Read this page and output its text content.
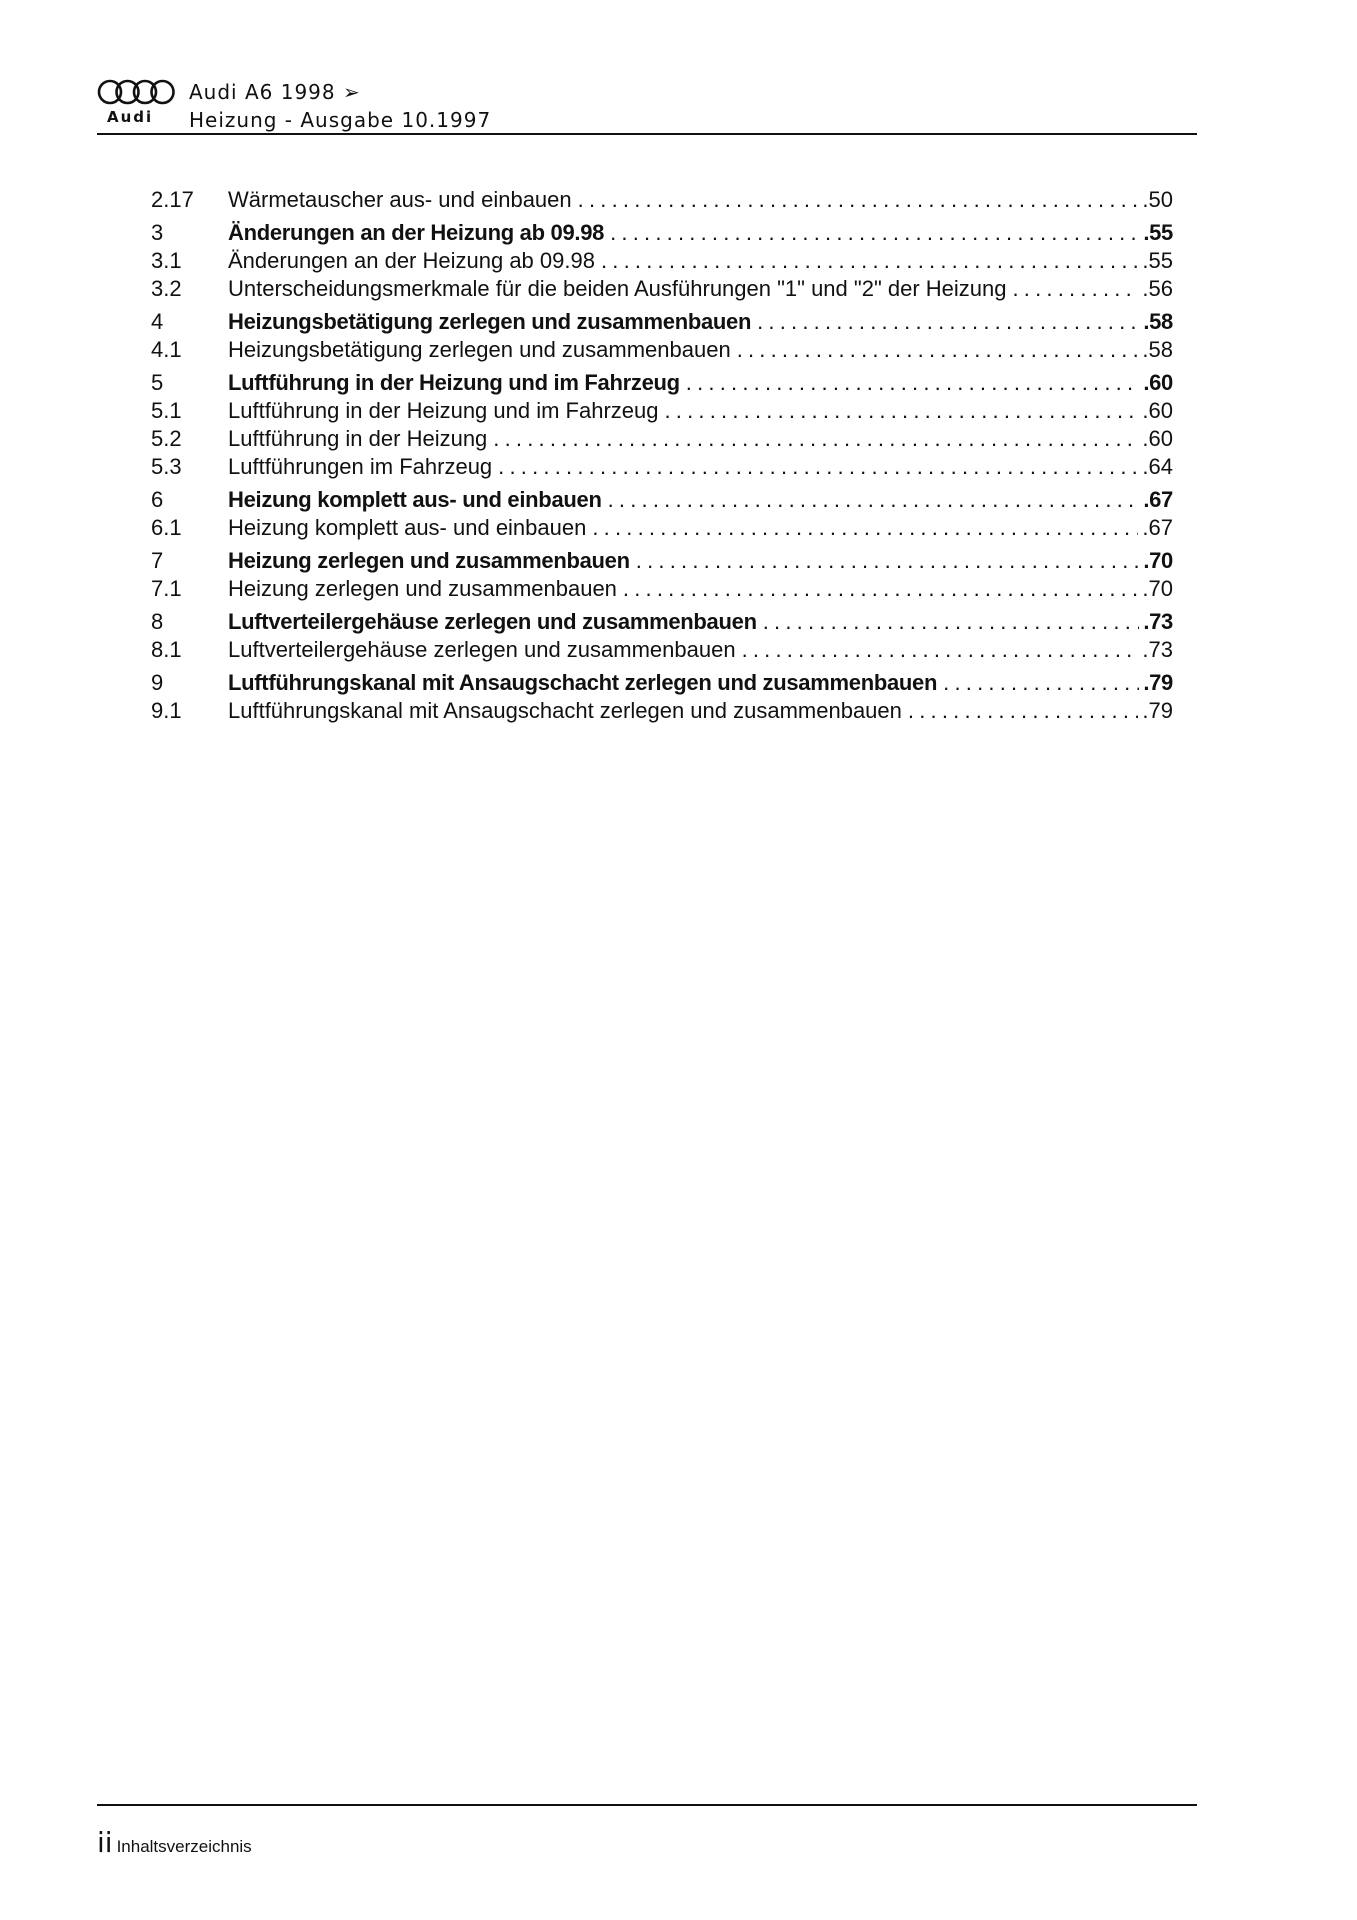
Audi
Audi A6 1998 ➢
Heizung - Ausgabe 10.1997
2.17	Wärmetauscher aus- und einbauen .....	.50
3	Änderungen an der Heizung ab 09.98 .....	.55
3.1	Änderungen an der Heizung ab 09.98 .....	.55
3.2	Unterscheidungsmerkmale für die beiden Ausführungen "1" und "2" der Heizung .....	.56
4	Heizungsbetätigung zerlegen und zusammenbauen .....	.58
4.1	Heizungsbetätigung zerlegen und zusammenbauen .....	.58
5	Luftführung in der Heizung und im Fahrzeug .....	.60
5.1	Luftführung in der Heizung und im Fahrzeug .....	.60
5.2	Luftführung in der Heizung .....	.60
5.3	Luftführungen im Fahrzeug .....	.64
6	Heizung komplett aus- und einbauen .....	.67
6.1	Heizung komplett aus- und einbauen .....	.67
7	Heizung zerlegen und zusammenbauen .....	.70
7.1	Heizung zerlegen und zusammenbauen .....	.70
8	Luftverteilergehäuse zerlegen und zusammenbauen .....	.73
8.1	Luftverteilergehäuse zerlegen und zusammenbauen .....	.73
9	Luftführungskanal mit Ansaugschacht zerlegen und zusammenbauen .....	.79
9.1	Luftführungskanal mit Ansaugschacht zerlegen und zusammenbauen .....	.79
ii Inhaltsverzeichnis
